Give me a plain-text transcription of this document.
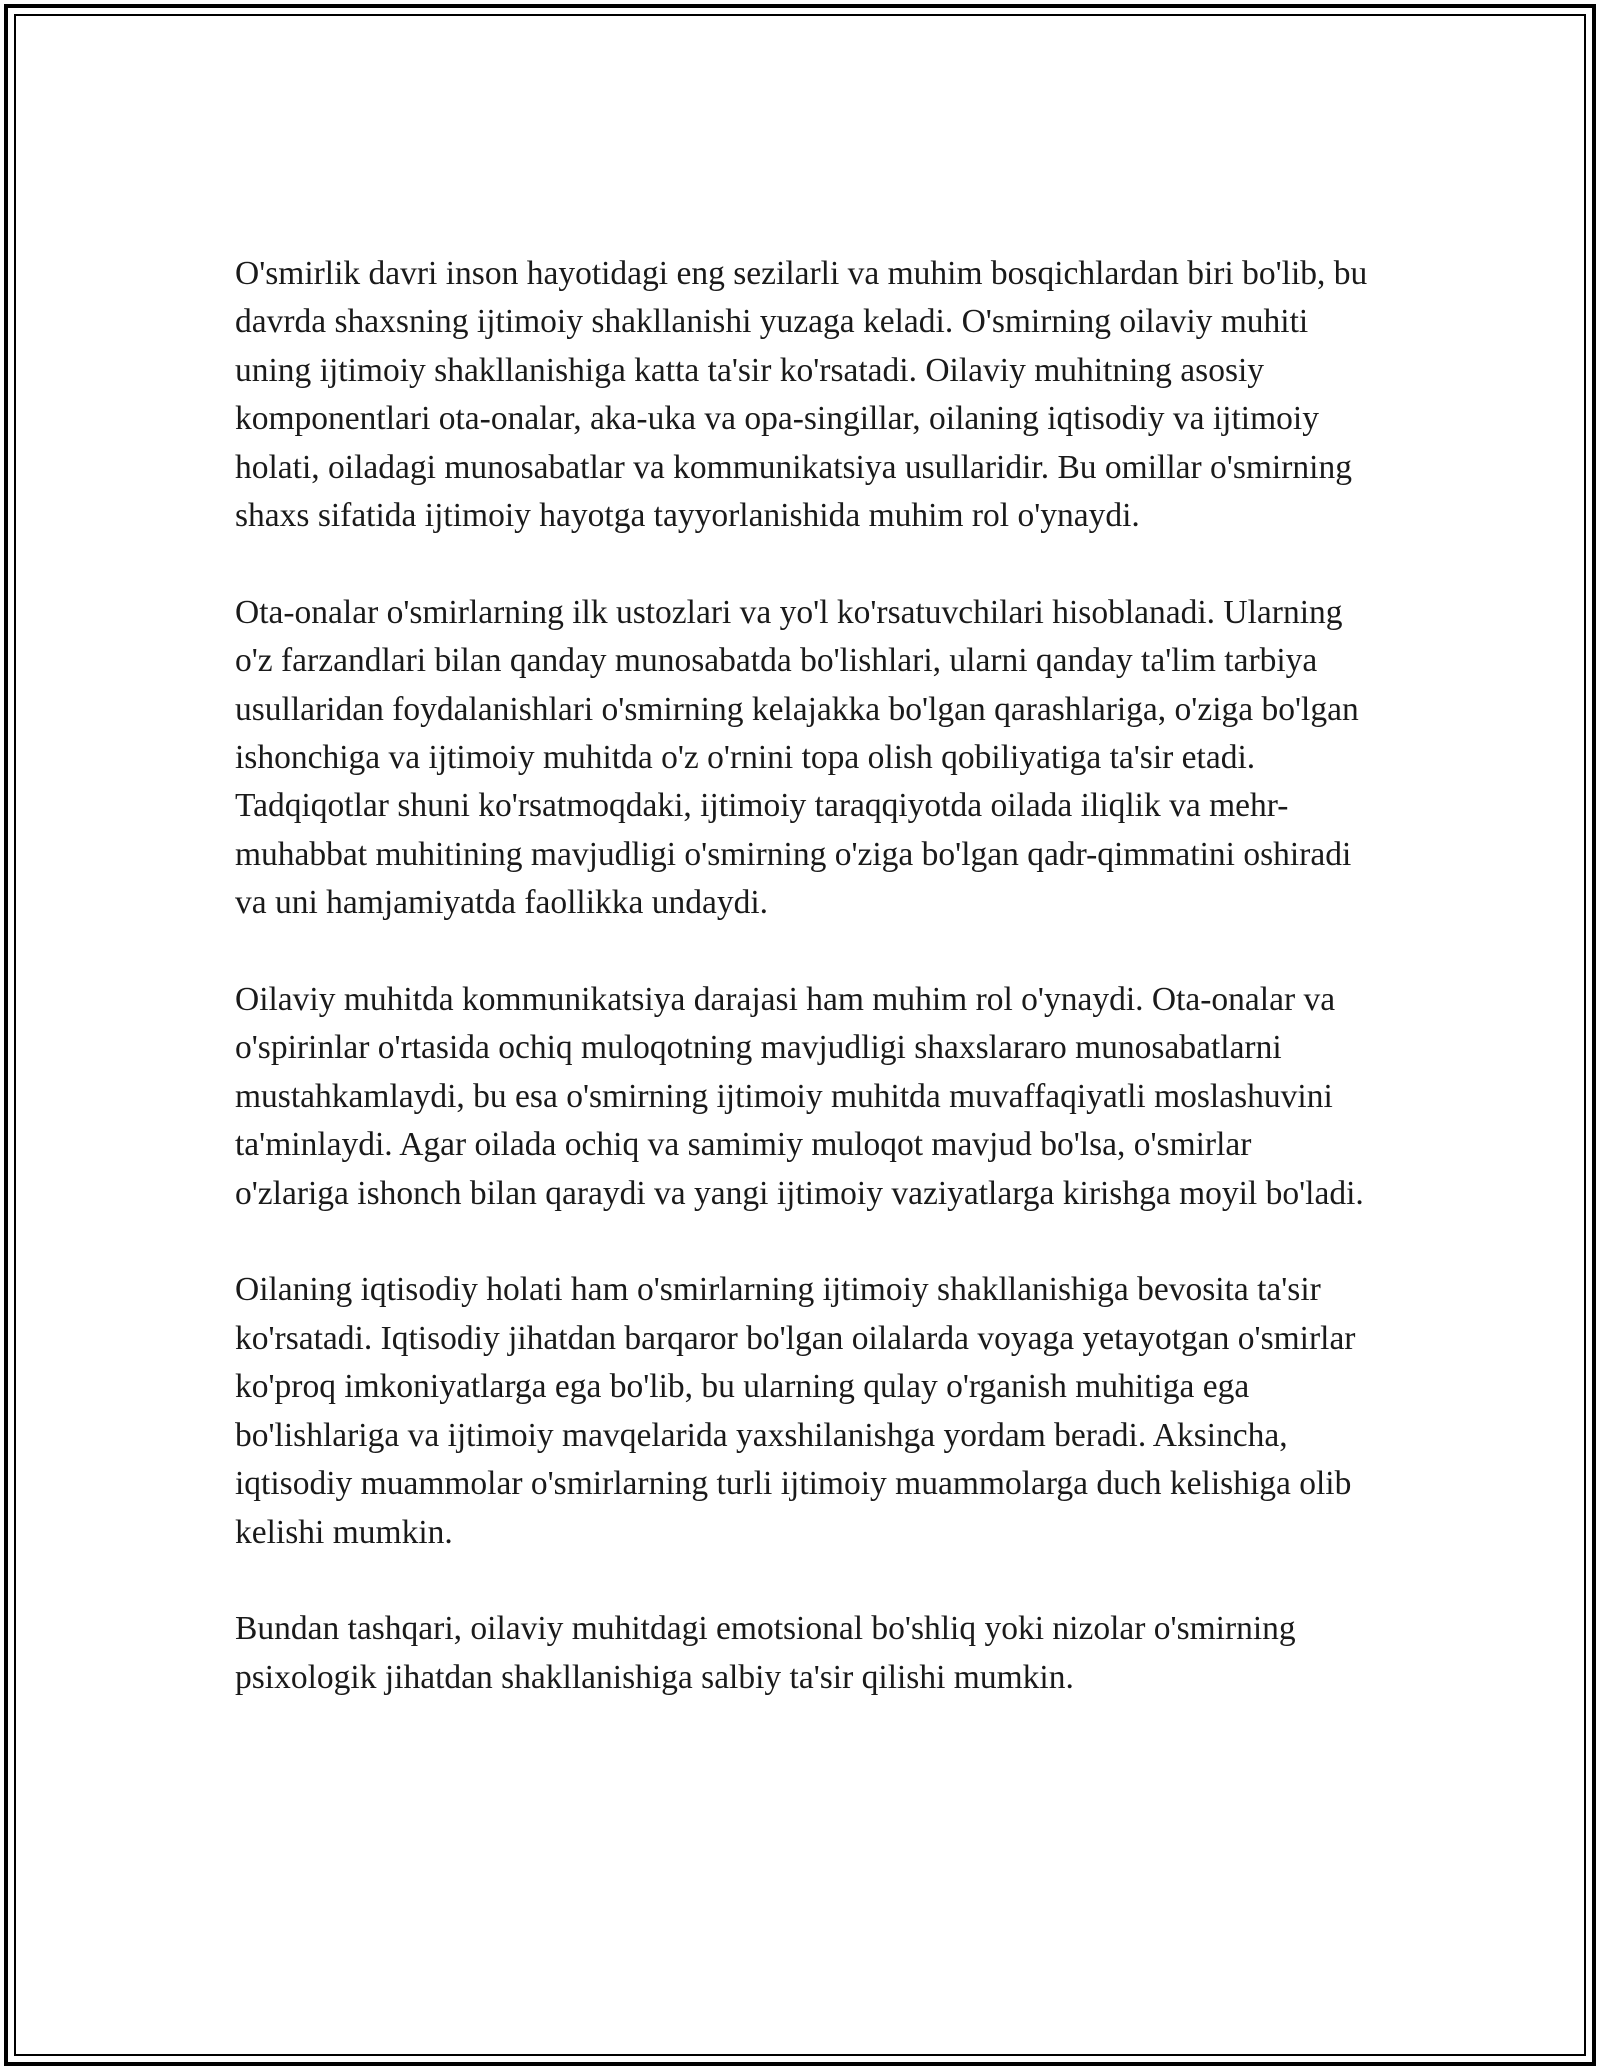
O'smirlik davri inson hayotidagi eng sezilarli va muhim bosqichlardan biri bo'lib, bu davrda shaxsning ijtimoiy shakllanishi yuzaga keladi. O'smirning oilaviy muhiti uning ijtimoiy shakllanishiga katta ta'sir ko'rsatadi. Oilaviy muhitning asosiy komponentlari ota-onalar, aka-uka va opa-singillar, oilaning iqtisodiy va ijtimoiy holati, oiladagi munosabatlar va kommunikatsiya usullaridir. Bu omillar o'smirning shaxs sifatida ijtimoiy hayotga tayyorlanishida muhim rol o'ynaydi.

Ota-onalar o'smirlarning ilk ustozlari va yo'l ko'rsatuvchilari hisoblanadi. Ularning o'z farzandlari bilan qanday munosabatda bo'lishlari, ularni qanday ta'lim tarbiya usullaridan foydalanishlari o'smirning kelajakka bo'lgan qarashlariga, o'ziga bo'lgan ishonchiga va ijtimoiy muhitda o'z o'rnini topa olish qobiliyatiga ta'sir etadi. Tadqiqotlar shuni ko'rsatmoqdaki, ijtimoiy taraqqiyotda oilada iliqlik va mehr-muhabbat muhitining mavjudligi o'smirning o'ziga bo'lgan qadr-qimmatini oshiradi va uni hamjamiyatda faollikka undaydi.

Oilaviy muhitda kommunikatsiya darajasi ham muhim rol o'ynaydi. Ota-onalar va o'spirinlar o'rtasida ochiq muloqotning mavjudligi shaxslararo munosabatlarni mustahkamlaydi, bu esa o'smirning ijtimoiy muhitda muvaffaqiyatli moslashuvini ta'minlaydi. Agar oilada ochiq va samimiy muloqot mavjud bo'lsa, o'smirlar o'zlariga ishonch bilan qaraydi va yangi ijtimoiy vaziyatlarga kirishga moyil bo'ladi.

Oilaning iqtisodiy holati ham o'smirlarning ijtimoiy shakllanishiga bevosita ta'sir ko'rsatadi. Iqtisodiy jihatdan barqaror bo'lgan oilalarda voyaga yetayotgan o'smirlar ko'proq imkoniyatlarga ega bo'lib, bu ularning qulay o'rganish muhitiga ega bo'lishlariga va ijtimoiy mavqelarida yaxshilanishga yordam beradi. Aksincha, iqtisodiy muammolar o'smirlarning turli ijtimoiy muammolarga duch kelishiga olib kelishi mumkin.

Bundan tashqari, oilaviy muhitdagi emotsional bo'shliq yoki nizolar o'smirning psixologik jihatdan shakllanishiga salbiy ta'sir qilishi mumkin.
